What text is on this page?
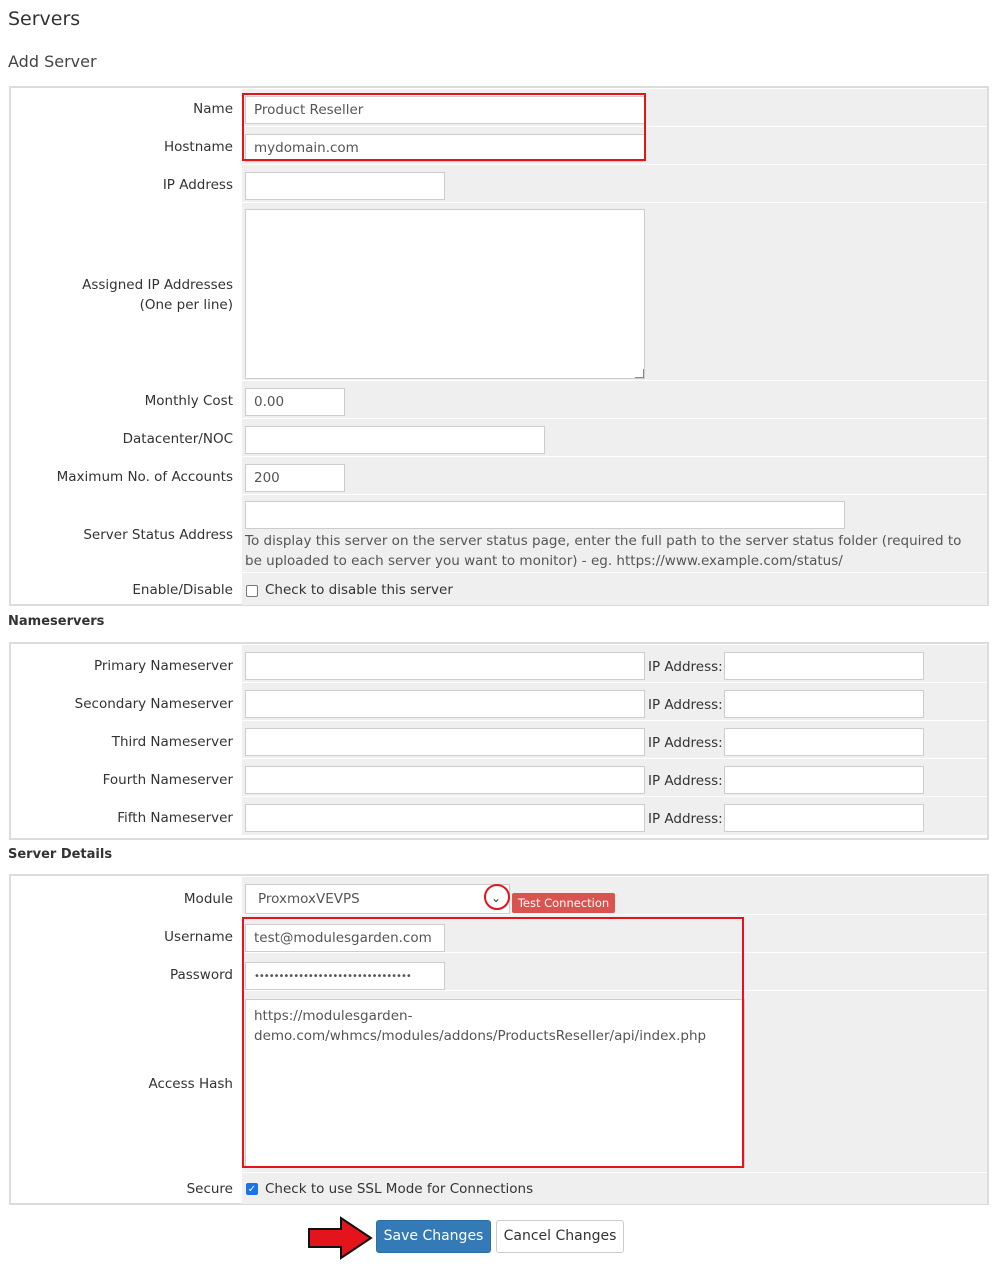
Servers
Add Server
Name	Product Reseller
Hostname	mydomain.com
IP Address
Assigned IP Addresses
(One per line)
Monthly Cost	0.00
Datacenter/NOC
Maximum No. of Accounts	200
Server Status Address To display this server on the server status page, enter the full path to the server status folder (required to be uploaded to each server you want to monitor) - eg. https://www.example.com/status/
Enable/Disable Check to disable this server
Nameservers
Primary Nameserver	IP Address:
Secondary Nameserver	IP Address:
Third Nameserver	IP Address:
Fourth Nameserver	IP Address:
Fifth Nameserver	IP Address:
Server Details
Module	ProxmoxVEVPS	⌄	Test Connection
Username	test@modulesgarden.com
Password	••••••••••••••••••••••••••••••••
Access Hash
https://modulesgarden-
demo.com/whmcs/modules/addons/ProductsReseller/api/index.php
Secure ✓ Check to use SSL Mode for Connections
Save Changes	Cancel Changes
